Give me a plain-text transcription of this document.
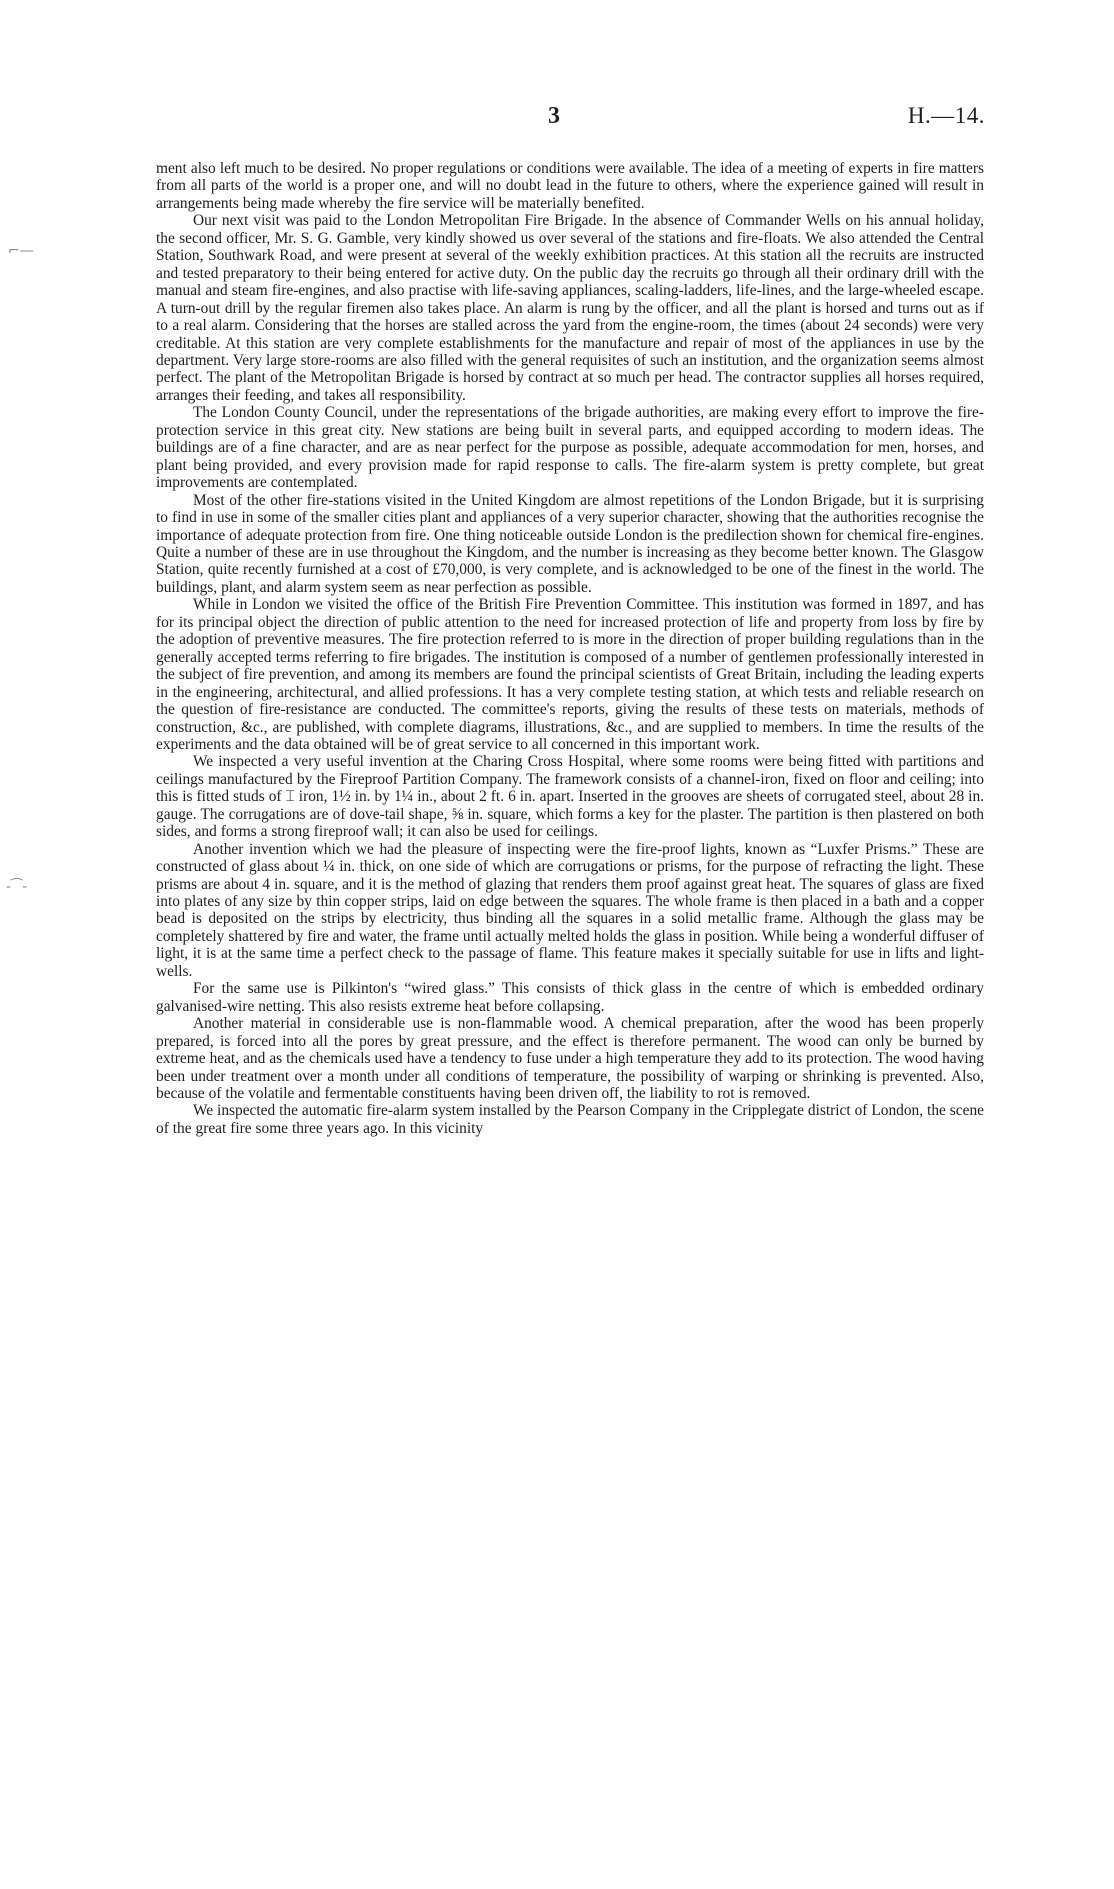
⌐—
-⁀-
3	H.—14.

ment also left much to be desired. No proper regulations or conditions were available. The idea of a meeting of experts in fire matters from all parts of the world is a proper one, and will no doubt lead in the future to others, where the experience gained will result in arrangements being made whereby the fire service will be materially benefited.

Our next visit was paid to the London Metropolitan Fire Brigade. In the absence of Commander Wells on his annual holiday, the second officer, Mr. S. G. Gamble, very kindly showed us over several of the stations and fire-floats. We also attended the Central Station, Southwark Road, and were present at several of the weekly exhibition practices. At this station all the recruits are instructed and tested preparatory to their being entered for active duty. On the public day the recruits go through all their ordinary drill with the manual and steam fire-engines, and also practise with life-saving appliances, scaling-ladders, life-lines, and the large-wheeled escape. A turn-out drill by the regular firemen also takes place. An alarm is rung by the officer, and all the plant is horsed and turns out as if to a real alarm. Considering that the horses are stalled across the yard from the engine-room, the times (about 24 seconds) were very creditable. At this station are very complete establishments for the manufacture and repair of most of the appliances in use by the department. Very large store-rooms are also filled with the general requisites of such an institution, and the organization seems almost perfect. The plant of the Metropolitan Brigade is horsed by contract at so much per head. The contractor supplies all horses required, arranges their feeding, and takes all responsibility.

The London County Council, under the representations of the brigade authorities, are making every effort to improve the fire-protection service in this great city. New stations are being built in several parts, and equipped according to modern ideas. The buildings are of a fine character, and are as near perfect for the purpose as possible, adequate accommodation for men, horses, and plant being provided, and every provision made for rapid response to calls. The fire-alarm system is pretty complete, but great improvements are contemplated.

Most of the other fire-stations visited in the United Kingdom are almost repetitions of the London Brigade, but it is surprising to find in use in some of the smaller cities plant and appliances of a very superior character, showing that the authorities recognise the importance of adequate protection from fire. One thing noticeable outside London is the predilection shown for chemical fire-engines. Quite a number of these are in use throughout the Kingdom, and the number is increasing as they become better known. The Glasgow Station, quite recently furnished at a cost of £70,000, is very complete, and is acknowledged to be one of the finest in the world. The buildings, plant, and alarm system seem as near perfection as possible.

While in London we visited the office of the British Fire Prevention Committee. This institution was formed in 1897, and has for its principal object the direction of public attention to the need for increased protection of life and property from loss by fire by the adoption of preventive measures. The fire protection referred to is more in the direction of proper building regulations than in the generally accepted terms referring to fire brigades. The institution is composed of a number of gentlemen professionally interested in the subject of fire prevention, and among its members are found the principal scientists of Great Britain, including the leading experts in the engineering, architectural, and allied professions. It has a very complete testing station, at which tests and reliable research on the question of fire-resistance are conducted. The committee's reports, giving the results of these tests on materials, methods of construction, &c., are published, with complete diagrams, illustrations, &c., and are supplied to members. In time the results of the experiments and the data obtained will be of great service to all concerned in this important work.

We inspected a very useful invention at the Charing Cross Hospital, where some rooms were being fitted with partitions and ceilings manufactured by the Fireproof Partition Company. The framework consists of a channel-iron, fixed on floor and ceiling; into this is fitted studs of ⌶ iron, 1½ in. by 1¼ in., about 2 ft. 6 in. apart. Inserted in the grooves are sheets of corrugated steel, about 28 in. gauge. The corrugations are of dove-tail shape, ⅝ in. square, which forms a key for the plaster. The partition is then plastered on both sides, and forms a strong fireproof wall; it can also be used for ceilings.

Another invention which we had the pleasure of inspecting were the fire-proof lights, known as “Luxfer Prisms.” These are constructed of glass about ¼ in. thick, on one side of which are corrugations or prisms, for the purpose of refracting the light. These prisms are about 4 in. square, and it is the method of glazing that renders them proof against great heat. The squares of glass are fixed into plates of any size by thin copper strips, laid on edge between the squares. The whole frame is then placed in a bath and a copper bead is deposited on the strips by electricity, thus binding all the squares in a solid metallic frame. Although the glass may be completely shattered by fire and water, the frame until actually melted holds the glass in position. While being a wonderful diffuser of light, it is at the same time a perfect check to the passage of flame. This feature makes it specially suitable for use in lifts and light-wells.

For the same use is Pilkinton's “wired glass.” This consists of thick glass in the centre of which is embedded ordinary galvanised-wire netting. This also resists extreme heat before collapsing.

Another material in considerable use is non-flammable wood. A chemical preparation, after the wood has been properly prepared, is forced into all the pores by great pressure, and the effect is therefore permanent. The wood can only be burned by extreme heat, and as the chemicals used have a tendency to fuse under a high temperature they add to its protection. The wood having been under treatment over a month under all conditions of temperature, the possibility of warping or shrinking is prevented. Also, because of the volatile and fermentable constituents having been driven off, the liability to rot is removed.

We inspected the automatic fire-alarm system installed by the Pearson Company in the Cripplegate district of London, the scene of the great fire some three years ago. In this vicinity
